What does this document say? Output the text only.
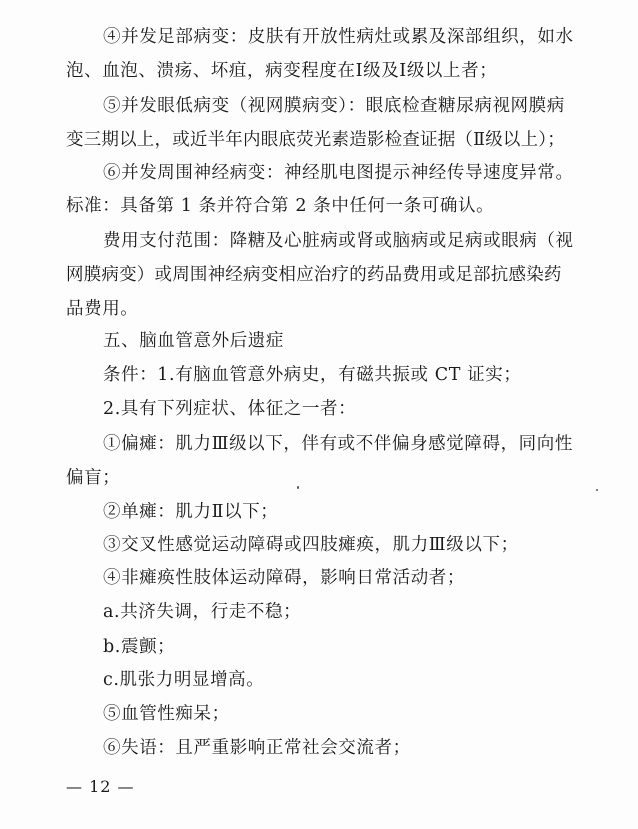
④并发足部病变：皮肤有开放性病灶或累及深部组织，如水
泡、血泡、溃疡、坏疽，病变程度在Ⅰ级及Ⅰ级以上者；
⑤并发眼低病变（视网膜病变）：眼底检查糖尿病视网膜病
变三期以上，或近半年内眼底荧光素造影检查证据（Ⅱ级以上）；
⑥并发周围神经病变：神经肌电图提示神经传导速度异常。
标准：具备第 1 条并符合第 2 条中任何一条可确认。
费用支付范围：降糖及心脏病或肾或脑病或足病或眼病（视
网膜病变）或周围神经病变相应治疗的药品费用或足部抗感染药
品费用。
五、脑血管意外后遗症
条件：1.有脑血管意外病史，有磁共振或 CT 证实；
2.具有下列症状、体征之一者：
①偏瘫：肌力Ⅲ级以下，伴有或不伴偏身感觉障碍，同向性
偏盲；
②单瘫：肌力Ⅱ以下；
③交叉性感觉运动障碍或四肢瘫痪，肌力Ⅲ级以下；
④非瘫痪性肢体运动障碍，影响日常活动者；
a.共济失调，行走不稳；
b.震颤；
c.肌张力明显增高。
⑤血管性痴呆；
⑥失语：且严重影响正常社会交流者；
— 12 —
